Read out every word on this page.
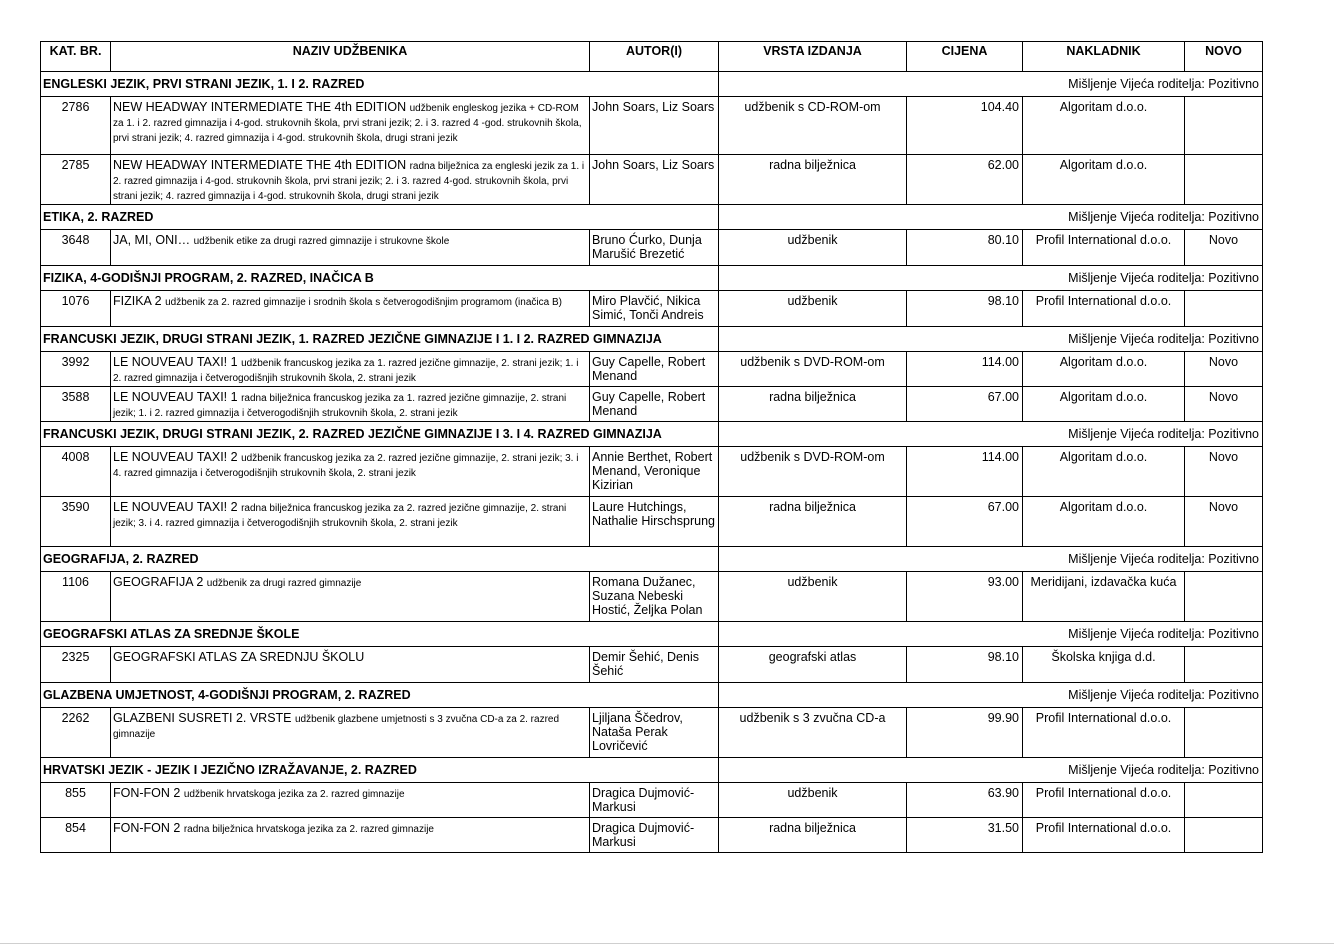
KAT. BR.	NAZIV UDŽBENIKA	AUTOR(I)	VRSTA IZDANJA	CIJENA	NAKLADNIK	NOVO
ENGLESKI JEZIK, PRVI STRANI JEZIK, 1. I 2. RAZRED			Mišljenje Vijeća roditelja: Pozitivno			
2786	NEW HEADWAY INTERMEDIATE THE 4th EDITION udžbenik engleskog jezika + CD-ROM za 1. i 2. razred gimnazija i 4-god. strukovnih škola, prvi strani jezik; 2. i 3. razred 4 -god. strukovnih škola, prvi strani jezik; 4. razred gimnazija i 4-god. strukovnih škola, drugi strani jezik	John Soars, Liz Soars	udžbenik s CD-ROM-om	104.40	Algoritam d.o.o.	
2785	NEW HEADWAY INTERMEDIATE THE 4th EDITION radna bilježnica za engleski jezik za 1. i 2. razred gimnazija i 4-god. strukovnih škola, prvi strani jezik; 2. i 3. razred 4-god. strukovnih škola, prvi strani jezik; 4. razred gimnazija i 4-god. strukovnih škola, drugi strani jezik	John Soars, Liz Soars	radna bilježnica	62.00	Algoritam d.o.o.	
ETIKA, 2. RAZRED			Mišljenje Vijeća roditelja: Pozitivno			
3648	JA, MI, ONI… udžbenik etike za drugi razred gimnazije i strukovne škole	Bruno Ćurko, Dunja Marušić Brezetić	udžbenik	80.10	Profil International d.o.o.	Novo
FIZIKA, 4-GODIŠNJI PROGRAM, 2. RAZRED, INAČICA B			Mišljenje Vijeća roditelja: Pozitivno			
1076	FIZIKA 2 udžbenik za 2. razred gimnazije i srodnih škola s četverogodišnjim programom (inačica B)	Miro Plavčić, Nikica Simić, Tonči Andreis	udžbenik	98.10	Profil International d.o.o.	
FRANCUSKI JEZIK, DRUGI STRANI JEZIK, 1. RAZRED JEZIČNE GIMNAZIJE I 1. I 2. RAZRED GIMNAZIJA			Mišljenje Vijeća roditelja: Pozitivno			
3992	LE NOUVEAU TAXI! 1 udžbenik francuskog jezika za 1. razred jezične gimnazije, 2. strani jezik; 1. i 2. razred gimnazija i četverogodišnjih strukovnih škola, 2. strani jezik	Guy Capelle, Robert Menand	udžbenik s DVD-ROM-om	114.00	Algoritam d.o.o.	Novo
3588	LE NOUVEAU TAXI! 1 radna bilježnica francuskog jezika za 1. razred jezične gimnazije, 2. strani jezik; 1. i 2. razred gimnazija i četverogodišnjih strukovnih škola, 2. strani jezik	Guy Capelle, Robert Menand	radna bilježnica	67.00	Algoritam d.o.o.	Novo
FRANCUSKI JEZIK, DRUGI STRANI JEZIK, 2. RAZRED JEZIČNE GIMNAZIJE I 3. I 4. RAZRED GIMNAZIJA			Mišljenje Vijeća roditelja: Pozitivno			
4008	LE NOUVEAU TAXI! 2 udžbenik francuskog jezika za 2. razred jezične gimnazije, 2. strani jezik; 3. i 4. razred gimnazija i četverogodišnjih strukovnih škola, 2. strani jezik	Annie Berthet, Robert Menand, Veronique Kizirian	udžbenik s DVD-ROM-om	114.00	Algoritam d.o.o.	Novo
3590	LE NOUVEAU TAXI! 2 radna bilježnica francuskog jezika za 2. razred jezične gimnazije, 2. strani jezik; 3. i 4. razred gimnazija i četverogodišnjih strukovnih škola, 2. strani jezik	Laure Hutchings, Nathalie Hirschsprung	radna bilježnica	67.00	Algoritam d.o.o.	Novo
GEOGRAFIJA, 2. RAZRED			Mišljenje Vijeća roditelja: Pozitivno			
1106	GEOGRAFIJA 2 udžbenik za drugi razred gimnazije	Romana Dužanec, Suzana Nebeski Hostić, Željka Polan	udžbenik	93.00	Meridijani, izdavačka kuća	
GEOGRAFSKI ATLAS ZA SREDNJE ŠKOLE			Mišljenje Vijeća roditelja: Pozitivno			
2325	GEOGRAFSKI ATLAS ZA SREDNJU ŠKOLU	Demir Šehić, Denis Šehić	geografski atlas	98.10	Školska knjiga d.d.	
GLAZBENA UMJETNOST, 4-GODIŠNJI PROGRAM, 2. RAZRED			Mišljenje Vijeća roditelja: Pozitivno			
2262	GLAZBENI SUSRETI 2. VRSTE udžbenik glazbene umjetnosti s 3 zvučna CD-a za 2. razred gimnazije	Ljiljana Ščedrov, Nataša Perak Lovričević	udžbenik s 3 zvučna CD-a	99.90	Profil International d.o.o.	
HRVATSKI JEZIK - JEZIK I JEZIČNO IZRAŽAVANJE, 2. RAZRED			Mišljenje Vijeća roditelja: Pozitivno			
855	FON-FON 2 udžbenik hrvatskoga jezika za 2. razred gimnazije	Dragica Dujmović-Markusi	udžbenik	63.90	Profil International d.o.o.	
854	FON-FON 2 radna bilježnica hrvatskoga jezika za 2. razred gimnazije	Dragica Dujmović-Markusi	radna bilježnica	31.50	Profil International d.o.o.	
